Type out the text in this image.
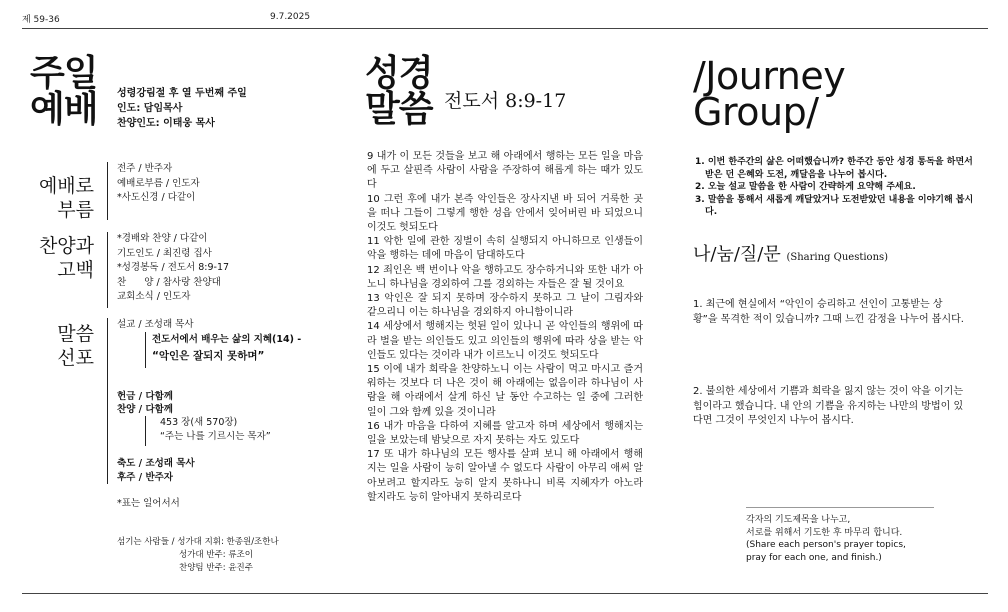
제 59-36	9.7.2025
주일
예배 성령강림절 후 열 두번째 주일
인도: 담임목사
찬양인도: 이태웅 목사
예배로
부름
전주 / 반주자
예배로부름 / 인도자
*사도신경 / 다같이
찬양과
고백
*경배와 찬양 / 다같이
기도인도 / 최진령 집사
*성경봉독 / 전도서 8:9-17
찬      양 / 참사랑 찬양대
교회소식 / 인도자
말씀
선포
설교 / 조성래 목사
전도서에서 배우는 삶의 지혜(14) -
“악인은 잘되지 못하며”
헌금 / 다함께
찬양 / 다함께
453 장(새 570장)
“주는 나를 기르시는 목자”
축도 / 조성래 목사
후주 / 반주자
*표는 일어서서
섬기는 사람들 / 성가대 지휘: 한종원/조한나
성가대 반주: 류조이
찬양팀 반주: 윤진주
성경
말씀 전도서 8:9-17

9 내가 이 모든 것들을 보고 해 아래에서 행하는 모든 일을 마음에 두고 살핀즉 사람이 사람을 주장하여 해롭게 하는 때가 있도다

10 그런 후에 내가 본즉 악인들은 장사지낸 바 되어 거룩한 곳을 떠나 그들이 그렇게 행한 성읍 안에서 잊어버린 바 되었으니 이것도 헛되도다

11 악한 일에 관한 징벌이 속히 실행되지 아니하므로 인생들이 악을 행하는 데에 마음이 담대하도다

12 죄인은 백 번이나 악을 행하고도 장수하거니와 또한 내가 아노니 하나님을 경외하여 그를 경외하는 자들은 잘 될 것이요

13 악인은 잘 되지 못하며 장수하지 못하고 그 날이 그림자와 같으리니 이는 하나님을 경외하지 아니함이니라

14 세상에서 행해지는 헛된 일이 있나니 곧 악인들의 행위에 따라 벌을 받는 의인들도 있고 의인들의 행위에 따라 상을 받는 악인들도 있다는 것이라 내가 이르노니 이것도 헛되도다

15 이에 내가 희락을 찬양하노니 이는 사람이 먹고 마시고 즐거워하는 것보다 더 나은 것이 해 아래에는 없음이라 하나님이 사람을 해 아래에서 살게 하신 날 동안 수고하는 일 중에 그러한 일이 그와 함께 있을 것이니라

16 내가 마음을 다하여 지혜를 알고자 하며 세상에서 행해지는 일을 보았는데 밤낮으로 자지 못하는 자도 있도다

17 또 내가 하나님의 모든 행사를 살펴 보니 해 아래에서 행해지는 일을 사람이 능히 알아낼 수 없도다 사람이 아무리 애써 알아보려고 할지라도 능히 알지 못하나니 비록 지혜자가 아노라 할지라도 능히 알아내지 못하리로다

/Journey
Group/
1. 이번 한주간의 삶은 어떠했습니까? 한주간 동안 성경 통독을 하면서 받은 던 은혜와 도전, 깨달음을 나누어 봅시다.
2. 오늘 설교 말씀을 한 사람이 간략하게 요약해 주세요.
3. 말씀을 통해서 새롭게 깨달았거나 도전받았던 내용을 이야기해 봅시다.
나/눔/질/문 (Sharing Questions)
1. 최근에 현실에서 “악인이 승리하고 선인이 고통받는 상황”을 목격한 적이 있습니까? 그때 느낀 감정을 나누어 봅시다.
2. 불의한 세상에서 기쁨과 희락을 잃지 않는 것이 악을 이기는 힘이라고 했습니다. 내 안의 기쁨을 유지하는 나만의 방법이 있다면 그것이 무엇인지 나누어 봅시다.
각자의 기도제목을 나누고,
서로를 위해서 기도한 후 마무리 합니다.
(Share each person's prayer topics,
pray for each one, and finish.)
